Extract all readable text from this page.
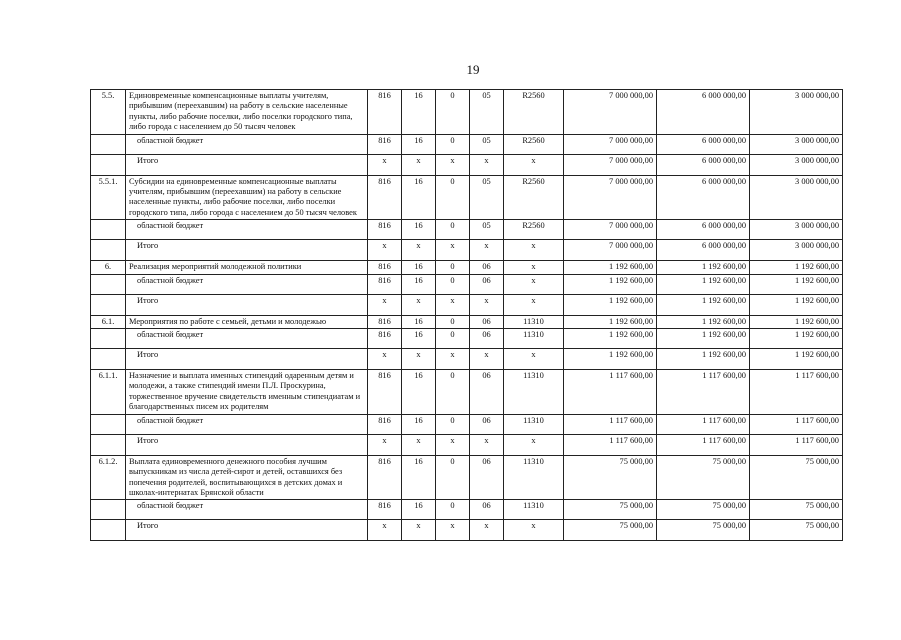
19
5.5.	Единовременные компенсационные выплаты учителям, прибывшим (переехавшим) на работу в сельские населенные пункты, либо рабочие поселки, либо поселки городского типа, либо города с населением до 50 тысяч человек	816	16	0	05	R2560	7 000 000,00	6 000 000,00	3 000 000,00
	областной бюджет	816	16	0	05	R2560	7 000 000,00	6 000 000,00	3 000 000,00
	Итого	х	х	х	х	х	7 000 000,00	6 000 000,00	3 000 000,00
5.5.1.	Субсидии на единовременные компенсационные выплаты учителям, прибывшим (переехавшим) на работу в сельские населенные пункты, либо рабочие поселки, либо поселки городского типа, либо города с населением до 50 тысяч человек	816	16	0	05	R2560	7 000 000,00	6 000 000,00	3 000 000,00
	областной бюджет	816	16	0	05	R2560	7 000 000,00	6 000 000,00	3 000 000,00
	Итого	х	х	х	х	х	7 000 000,00	6 000 000,00	3 000 000,00
6.	Реализация мероприятий молодежной политики	816	16	0	06	х	1 192 600,00	1 192 600,00	1 192 600,00
	областной бюджет	816	16	0	06	х	1 192 600,00	1 192 600,00	1 192 600,00
	Итого	х	х	х	х	х	1 192 600,00	1 192 600,00	1 192 600,00
6.1.	Мероприятия по работе с семьей, детьми и молодежью	816	16	0	06	11310	1 192 600,00	1 192 600,00	1 192 600,00
	областной бюджет	816	16	0	06	11310	1 192 600,00	1 192 600,00	1 192 600,00
	Итого	х	х	х	х	х	1 192 600,00	1 192 600,00	1 192 600,00
6.1.1.	Назначение и выплата именных стипендий одаренным детям и молодежи, а также стипендий имени П.Л. Проскурина, торжественное вручение свидетельств именным стипендиатам и благодарственных писем их родителям	816	16	0	06	11310	1 117 600,00	1 117 600,00	1 117 600,00
	областной бюджет	816	16	0	06	11310	1 117 600,00	1 117 600,00	1 117 600,00
	Итого	х	х	х	х	х	1 117 600,00	1 117 600,00	1 117 600,00
6.1.2.	Выплата единовременного денежного пособия лучшим выпускникам из числа детей-сирот и детей, оставшихся без попечения родителей, воспитывающихся в детских домах и школах-интернатах Брянской области	816	16	0	06	11310	75 000,00	75 000,00	75 000,00
	областной бюджет	816	16	0	06	11310	75 000,00	75 000,00	75 000,00
	Итого	х	х	х	х	х	75 000,00	75 000,00	75 000,00
